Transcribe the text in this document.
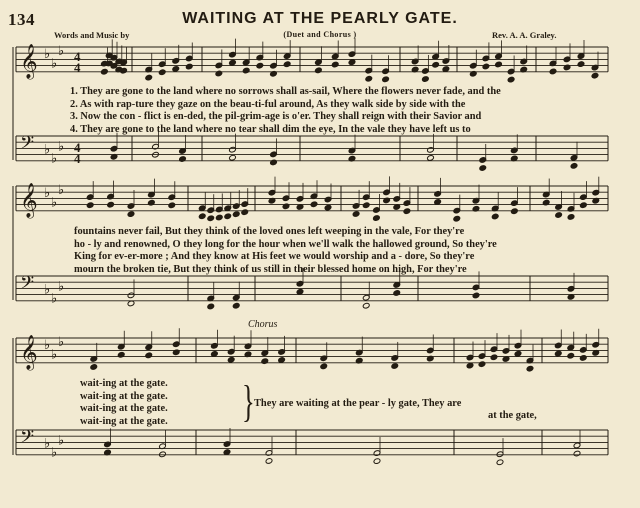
134	WAITING AT THE PEARLY GATE.
Words and Music by	(Duet and Chorus )	Rev. A. A. Graley.
𝄞 ♭
♭
♭
𝄢 ♭
♭
♭
𝄞 ♭
♭
♭
𝄢 ♭
♭
♭
𝄞 ♭
♭
♭
𝄢 ♭
♭
♭
4
4
4
4
1. They are gone to the land where no sorrows shall as-sail, Where the flowers never fade, and the
2. As with rap-ture they gaze on the beau-ti-ful around, As they walk side by side with the
3. Now the con - flict is en-ded, the pil-grim-age is o'er. They shall reign with their Savior and
4. They are gone to the land where no tear shall dim the eye, In the vale they have left us to
fountains never fail, But they think of the loved ones left weeping in the vale, For they're
ho - ly and renowned, O they long for the hour when we'll walk the hallowed ground, So they're
King for ev-er-more ; And they know at His feet we would worship and a - dore, So they're
mourn the broken tie, But they think of us still in their blessed home on high, For they're
Chorus
wait-ing at the gate.
wait-ing at the gate.
wait-ing at the gate.
wait-ing at the gate. } They are waiting at the pear - ly gate, They are
at the gate,
